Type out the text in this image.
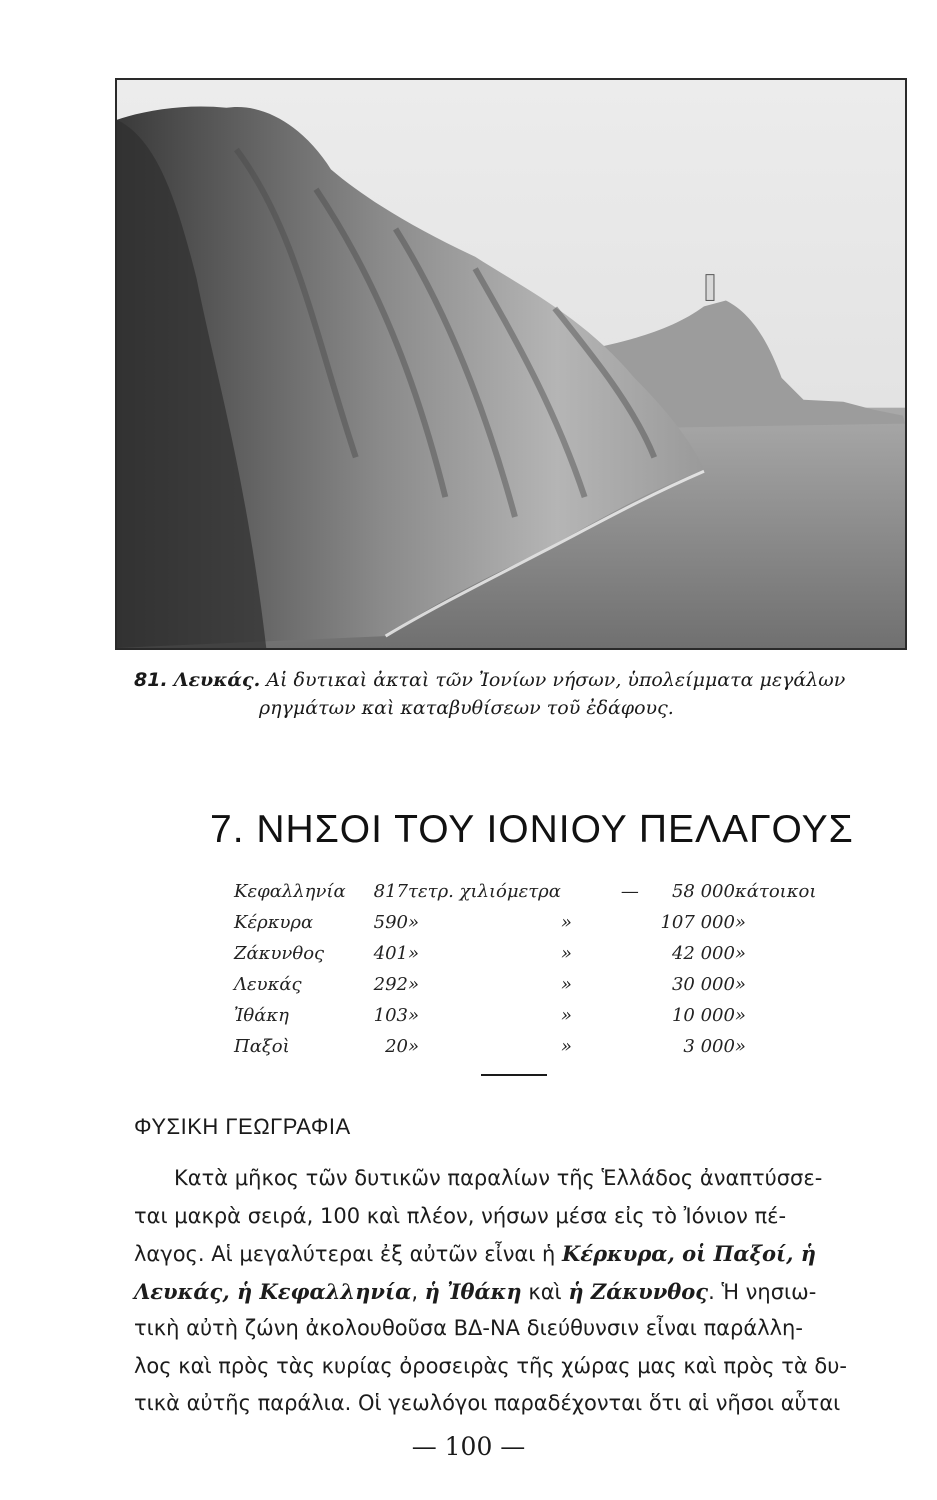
81. Λευκάς. Αἱ δυτικαὶ ἀκταὶ τῶν Ἰονίων νήσων, ὑπολείμματα μεγάλων
ρηγμάτων καὶ καταβυθίσεων τοῦ ἐδάφους.
7. ΝΗΣΟΙ ΤΟΥ ΙΟΝΙΟΥ ΠΕΛΑΓΟΥΣ
Κεφαλληνία	817	τετρ. χιλιόμετρα		—	58 000	κάτοικοι
Κέρκυρα	590	»	»		107 000	»
Ζάκυνθος	401	»	»		42 000	»
Λευκάς	292	»	»		30 000	»
Ἰθάκη	103	»	»		10 000	»
Παξοὶ	20	»	»		3 000	»
ΦΥΣΙΚΗ ΓΕΩΓΡΑΦΙΑ
Κατὰ μῆκος τῶν δυτικῶν παραλίων τῆς Ἑλλάδος ἀναπτύσσε-
ται μακρὰ σειρά, 100 καὶ πλέον, νήσων μέσα εἰς τὸ Ἰόνιον πέ-
λαγος. Αἱ μεγαλύτεραι ἐξ αὐτῶν εἶναι ἡ Κέρκυρα, οἱ Παξοί, ἡ
Λευκάς, ἡ Κεφαλληνία, ἡ Ἰθάκη καὶ ἡ Ζάκυνθος. Ἡ νησιω-
τικὴ αὐτὴ ζώνη ἀκολουθοῦσα ΒΔ-ΝΑ διεύθυνσιν εἶναι παράλλη-
λος καὶ πρὸς τὰς κυρίας ὀροσειρὰς τῆς χώρας μας καὶ πρὸς τὰ δυ-
τικὰ αὐτῆς παράλια. Οἱ γεωλόγοι παραδέχονται ὅτι αἱ νῆσοι αὗται
— 100 —
